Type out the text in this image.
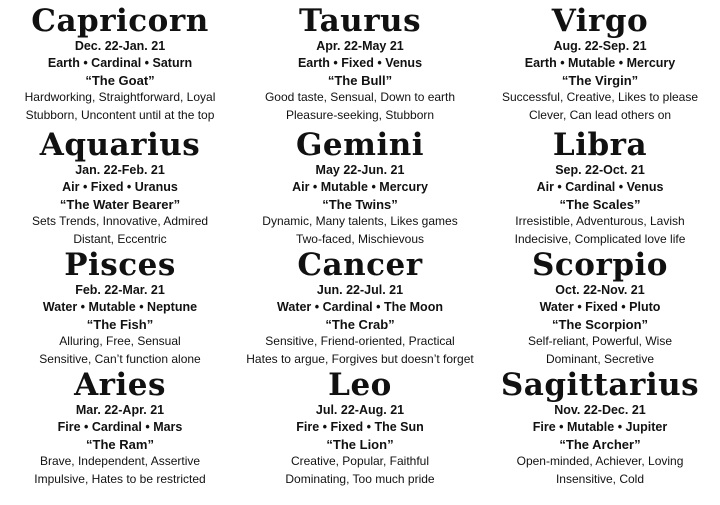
Capricorn
Dec. 22-Jan. 21
Earth • Cardinal • Saturn
“The Goat”
Hardworking, Straightforward, Loyal
Stubborn, Uncontent until at the top
Taurus
Apr. 22-May 21
Earth • Fixed • Venus
“The Bull”
Good taste, Sensual, Down to earth
Pleasure-seeking, Stubborn
Virgo
Aug. 22-Sep. 21
Earth • Mutable • Mercury
“The Virgin”
Successful, Creative, Likes to please
Clever, Can lead others on
Aquarius
Jan. 22-Feb. 21
Air • Fixed • Uranus
“The Water Bearer”
Sets Trends, Innovative, Admired
Distant, Eccentric
Gemini
May 22-Jun. 21
Air • Mutable • Mercury
“The Twins”
Dynamic, Many talents, Likes games
Two-faced, Mischievous
Libra
Sep. 22-Oct. 21
Air • Cardinal • Venus
“The Scales”
Irresistible, Adventurous, Lavish
Indecisive, Complicated love life
Pisces
Feb. 22-Mar. 21
Water • Mutable • Neptune
“The Fish”
Alluring, Free, Sensual
Sensitive, Can’t function alone
Cancer
Jun. 22-Jul. 21
Water • Cardinal • The Moon
“The Crab”
Sensitive, Friend-oriented, Practical
Hates to argue, Forgives but doesn’t forget
Scorpio
Oct. 22-Nov. 21
Water • Fixed • Pluto
“The Scorpion”
Self-reliant, Powerful, Wise
Dominant, Secretive
Aries
Mar. 22-Apr. 21
Fire • Cardinal • Mars
“The Ram”
Brave, Independent, Assertive
Impulsive, Hates to be restricted
Leo
Jul. 22-Aug. 21
Fire • Fixed • The Sun
“The Lion”
Creative, Popular, Faithful
Dominating, Too much pride
Sagittarius
Nov. 22-Dec. 21
Fire • Mutable • Jupiter
“The Archer”
Open-minded, Achiever, Loving
Insensitive, Cold
